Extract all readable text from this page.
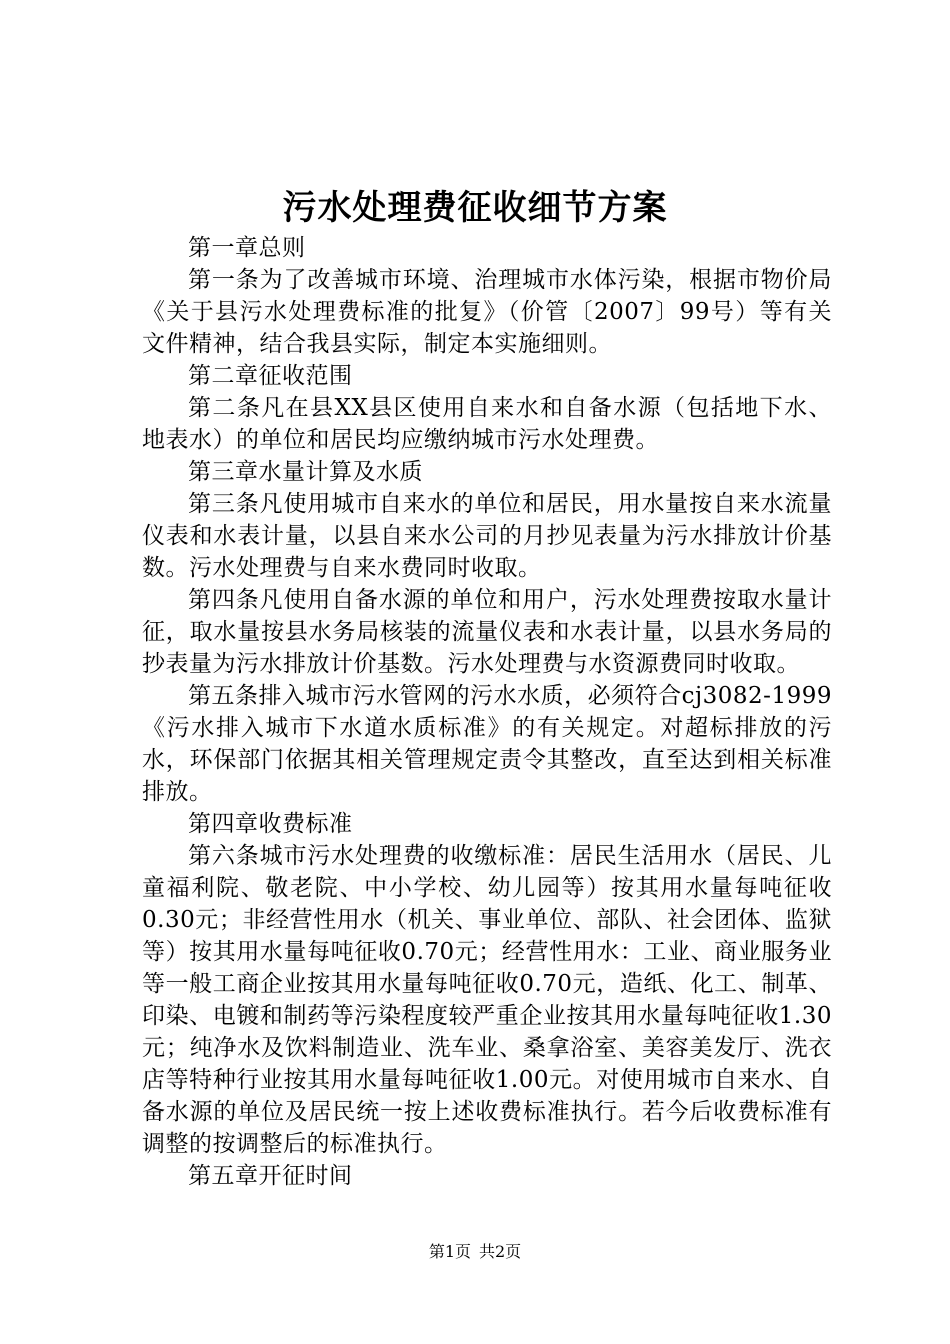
污水处理费征收细节方案

第一章总则

第一条为了改善城市环境、治理城市水体污染，根据市物价局《关于县污水处理费标准的批复》（价管〔2007〕99号）等有关文件精神，结合我县实际，制定本实施细则。

第二章征收范围

第二条凡在县XX县区使用自来水和自备水源（包括地下水、地表水）的单位和居民均应缴纳城市污水处理费。

第三章水量计算及水质

第三条凡使用城市自来水的单位和居民，用水量按自来水流量仪表和水表计量，以县自来水公司的月抄见表量为污水排放计价基数。污水处理费与自来水费同时收取。

第四条凡使用自备水源的单位和用户，污水处理费按取水量计征，取水量按县水务局核装的流量仪表和水表计量，以县水务局的抄表量为污水排放计价基数。污水处理费与水资源费同时收取。

第五条排入城市污水管网的污水水质，必须符合cj3082-1999《污水排入城市下水道水质标准》的有关规定。对超标排放的污水，环保部门依据其相关管理规定责令其整改，直至达到相关标准排放。

第四章收费标准

第六条城市污水处理费的收缴标准：居民生活用水（居民、儿童福利院、敬老院、中小学校、幼儿园等）按其用水量每吨征收0.30元；非经营性用水（机关、事业单位、部队、社会团体、监狱等）按其用水量每吨征收0.70元；经营性用水：工业、商业服务业等一般工商企业按其用水量每吨征收0.70元，造纸、化工、制革、印染、电镀和制药等污染程度较严重企业按其用水量每吨征收1.30元；纯净水及饮料制造业、洗车业、桑拿浴室、美容美发厅、洗衣店等特种行业按其用水量每吨征收1.00元。对使用城市自来水、自备水源的单位及居民统一按上述收费标准执行。若今后收费标准有调整的按调整后的标准执行。

第五章开征时间

第1页 共2页
